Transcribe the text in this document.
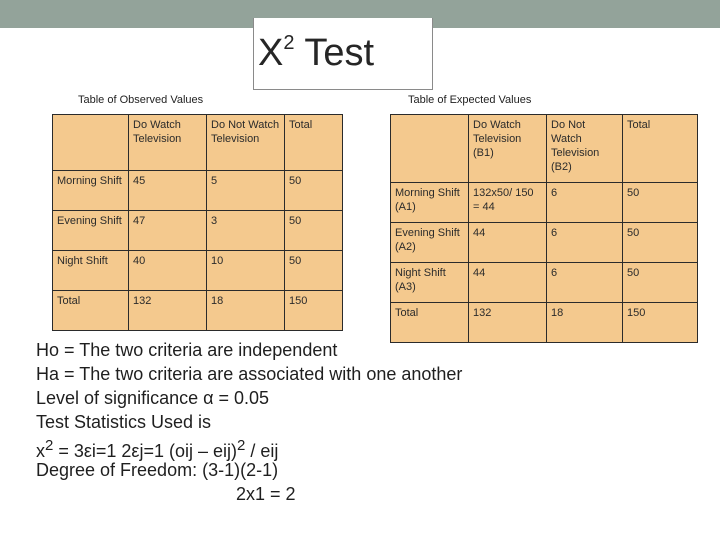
$X^2$ Test
Table of Observed Values	Table of Expected Values
	Do Watch Television	Do Not Watch Television	Total
Morning Shift	45	5	50
Evening Shift	47	3	50
Night Shift	40	10	50
Total	132	18	150
	Do Watch Television (B1)	Do Not Watch Television (B2)	Total
Morning Shift (A1)	132x50/ 150 = 44	6	50
Evening Shift (A2)	44	6	50
Night Shift (A3)	44	6	50
Total	132	18	150
Ho = The two criteria are independent
Ha = The two criteria are associated with one another
Level of significance α = 0.05
Test Statistics Used is
$x^2 = 3\varepsilon i=1$ 2εj=1 (oij – eij)$^2$ / eij
Degree of Freedom: (3-1)(2-1)
2x1 = 2
